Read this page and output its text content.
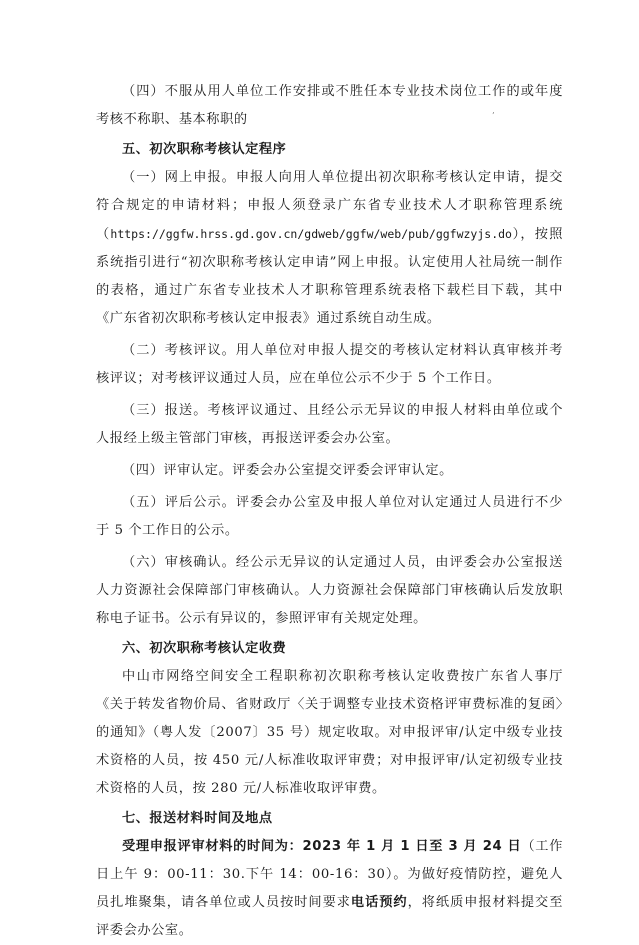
’

（四）不服从用人单位工作安排或不胜任本专业技术岗位工作的或年度考核不称职、基本称职的

五、初次职称考核认定程序

（一）网上申报。申报人向用人单位提出初次职称考核认定申请，提交符合规定的申请材料；申报人须登录广东省专业技术人才职称管理系统（https://ggfw.hrss.gd.gov.cn/gdweb/ggfw/web/pub/ggfwzyjs.do），按照系统指引进行“初次职称考核认定申请”网上申报。认定使用人社局统一制作的表格，通过广东省专业技术人才职称管理系统表格下载栏目下载，其中《广东省初次职称考核认定申报表》通过系统自动生成。

（二）考核评议。用人单位对申报人提交的考核认定材料认真审核并考核评议；对考核评议通过人员，应在单位公示不少于 5 个工作日。

（三）报送。考核评议通过、且经公示无异议的申报人材料由单位或个人报经上级主管部门审核，再报送评委会办公室。

（四）评审认定。评委会办公室提交评委会评审认定。

（五）评后公示。评委会办公室及申报人单位对认定通过人员进行不少于 5 个工作日的公示。

（六）审核确认。经公示无异议的认定通过人员，由评委会办公室报送人力资源社会保障部门审核确认。人力资源社会保障部门审核确认后发放职称电子证书。公示有异议的，参照评审有关规定处理。

六、初次职称考核认定收费

中山市网络空间安全工程职称初次职称考核认定收费按广东省人事厅《关于转发省物价局、省财政厅〈关于调整专业技术资格评审费标准的复函〉的通知》（粤人发〔2007〕35 号）规定收取。对申报评审/认定中级专业技术资格的人员，按 450 元/人标准收取评审费；对申报评审/认定初级专业技术资格的人员，按 280 元/人标准收取评审费。

七、报送材料时间及地点

受理申报评审材料的时间为：2023 年 1 月 1 日至 3 月 24 日（工作日上午 9：00-11：30.下午 14：00-16：30）。为做好疫情防控，避免人员扎堆聚集，请各单位或人员按时间要求电话预约，将纸质申报材料提交至评委会办公室。
